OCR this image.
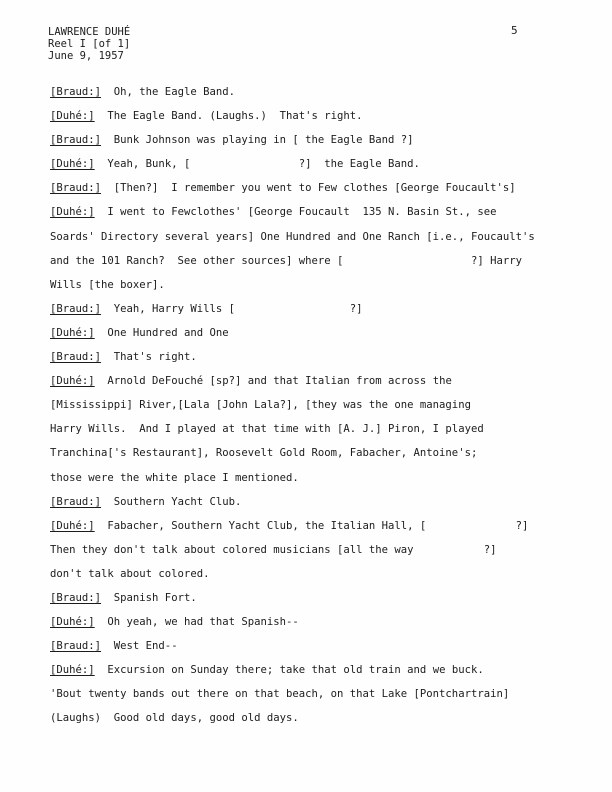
LAWRENCE DUHÉ
Reel I [of 1]
June 9, 1957
5
[Braud:]  Oh, the Eagle Band.
[Duhé:]  The Eagle Band. (Laughs.)  That's right.
[Braud:]  Bunk Johnson was playing in [ the Eagle Band ?]
[Duhé:]  Yeah, Bunk, [                 ?]  the Eagle Band.
[Braud:]  [Then?]  I remember you went to Few clothes [George Foucault's]
[Duhé:]  I went to Fewclothes' [George Foucault  135 N. Basin St., see
Soards' Directory several years] One Hundred and One Ranch [i.e., Foucault's
and the 101 Ranch?  See other sources] where [                    ?] Harry
Wills [the boxer].
[Braud:]  Yeah, Harry Wills [                  ?]
[Duhé:]  One Hundred and One
[Braud:]  That's right.
[Duhé:]  Arnold DeFouché [sp?] and that Italian from across the
[Mississippi] River,[Lala [John Lala?], [they was the one managing
Harry Wills.  And I played at that time with [A. J.] Piron, I played
Tranchina['s Restaurant], Roosevelt Gold Room, Fabacher, Antoine's;
those were the white place I mentioned.
[Braud:]  Southern Yacht Club.
[Duhé:]  Fabacher, Southern Yacht Club, the Italian Hall, [              ?]
Then they don't talk about colored musicians [all the way           ?]
don't talk about colored.
[Braud:]  Spanish Fort.
[Duhé:]  Oh yeah, we had that Spanish--
[Braud:]  West End--
[Duhé:]  Excursion on Sunday there; take that old train and we buck.
'Bout twenty bands out there on that beach, on that Lake [Pontchartrain]
(Laughs)  Good old days, good old days.
